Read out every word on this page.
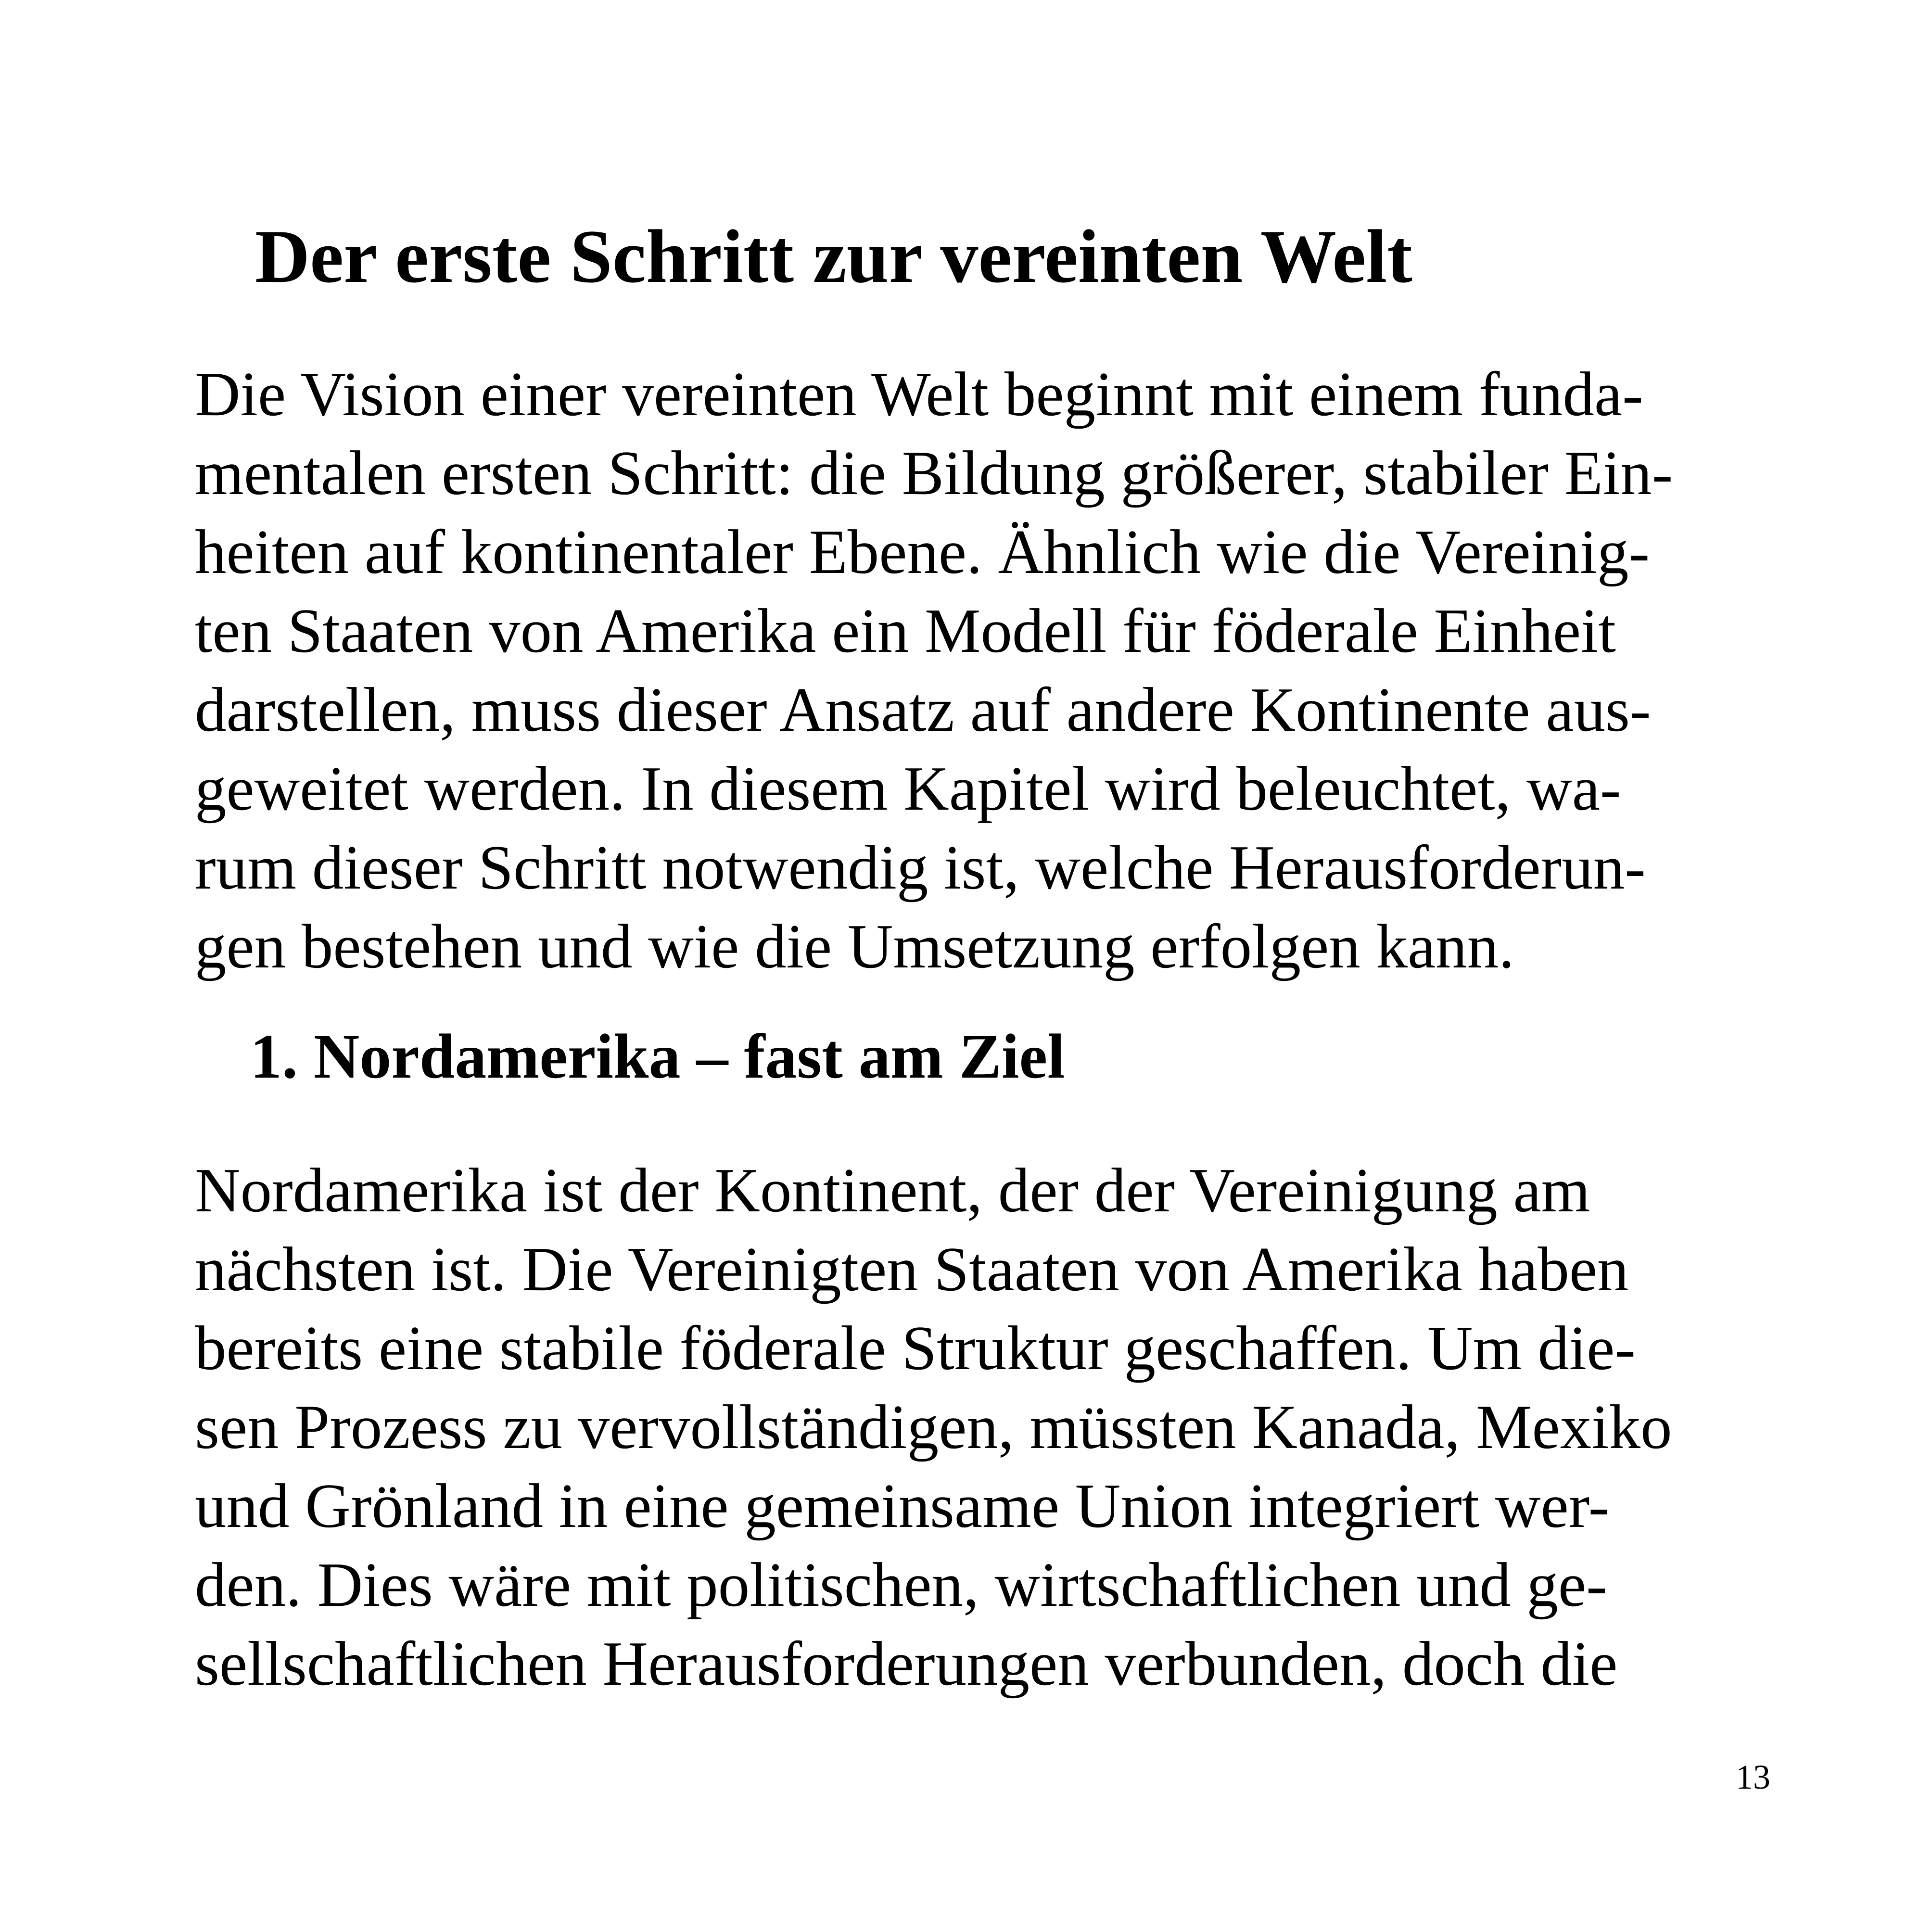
Der erste Schritt zur vereinten Welt

Die Vision einer vereinten Welt beginnt mit einem funda-
mentalen ersten Schritt: die Bildung größerer, stabiler Ein-
heiten auf kontinentaler Ebene. Ähnlich wie die Vereinig-
ten Staaten von Amerika ein Modell für föderale Einheit
darstellen, muss dieser Ansatz auf andere Kontinente aus-
geweitet werden. In diesem Kapitel wird beleuchtet, wa-
rum dieser Schritt notwendig ist, welche Herausforderun-
gen bestehen und wie die Umsetzung erfolgen kann.

1. Nordamerika – fast am Ziel

Nordamerika ist der Kontinent, der der Vereinigung am
nächsten ist. Die Vereinigten Staaten von Amerika haben
bereits eine stabile föderale Struktur geschaffen. Um die-
sen Prozess zu vervollständigen, müssten Kanada, Mexiko
und Grönland in eine gemeinsame Union integriert wer-
den. Dies wäre mit politischen, wirtschaftlichen und ge-
sellschaftlichen Herausforderungen verbunden, doch die

13
